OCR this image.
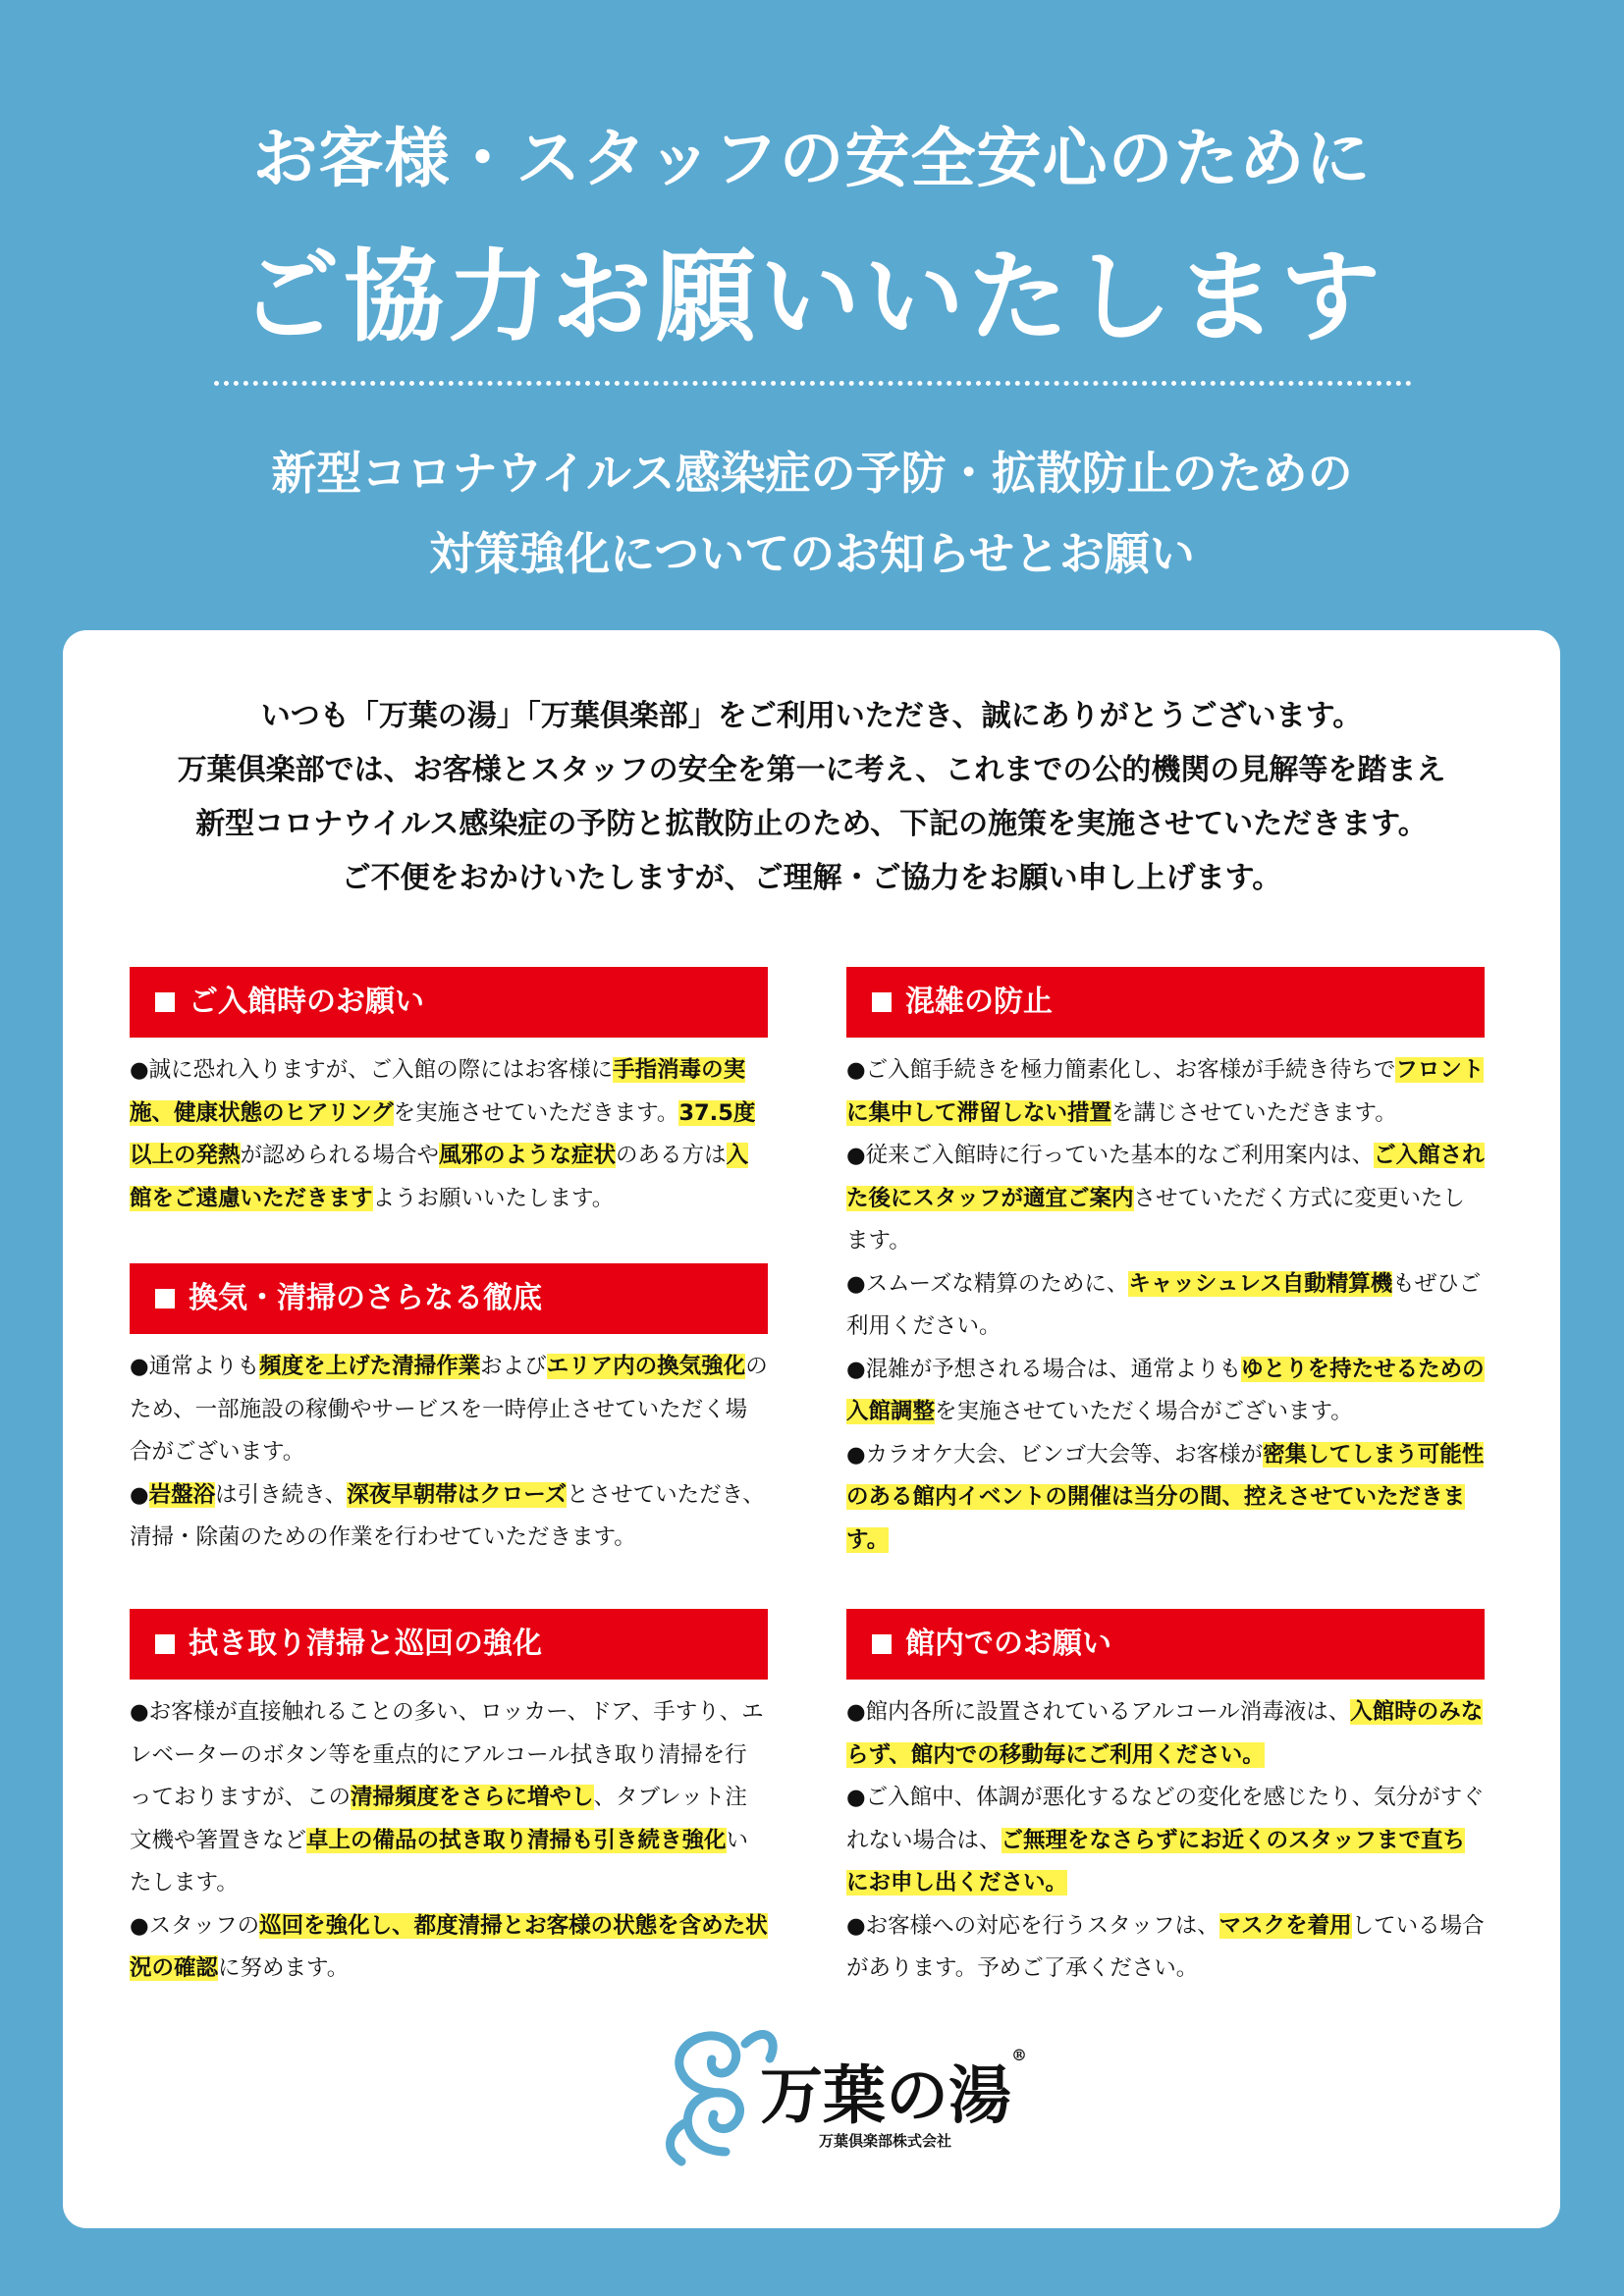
お客様・スタッフの安全安心のために
ご協力お願いいたします
新型コロナウイルス感染症の予防・拡散防止のための
対策強化についてのお知らせとお願い
いつも「万葉の湯」「万葉倶楽部」をご利用いただき、誠にありがとうございます。
万葉倶楽部では、お客様とスタッフの安全を第一に考え、これまでの公的機関の見解等を踏まえ
新型コロナウイルス感染症の予防と拡散防止のため、下記の施策を実施させていただきます。
ご不便をおかけいたしますが、ご理解・ご協力をお願い申し上げます。
ご入館時のお願い

●誠に恐れ入りますが、ご入館の際にはお客様に手指消毒の実施、健康状態のヒアリングを実施させていただきます。37.5度以上の発熱が認められる場合や風邪のような症状のある方は入館をご遠慮いただきますようお願いいたします。

換気・清掃のさらなる徹底

●通常よりも頻度を上げた清掃作業およびエリア内の換気強化のため、一部施設の稼働やサービスを一時停止させていただく場合がございます。

●岩盤浴は引き続き、深夜早朝帯はクローズとさせていただき、清掃・除菌のための作業を行わせていただきます。

拭き取り清掃と巡回の強化

●お客様が直接触れることの多い、ロッカー、ドア、手すり、エレベーターのボタン等を重点的にアルコール拭き取り清掃を行っておりますが、この清掃頻度をさらに増やし、タブレット注文機や箸置きなど卓上の備品の拭き取り清掃も引き続き強化いたします。

●スタッフの巡回を強化し、都度清掃とお客様の状態を含めた状況の確認に努めます。

混雑の防止

●ご入館手続きを極力簡素化し、お客様が手続き待ちでフロントに集中して滞留しない措置を講じさせていただきます。

●従来ご入館時に行っていた基本的なご利用案内は、ご入館された後にスタッフが適宜ご案内させていただく方式に変更いたします。

●スムーズな精算のために、キャッシュレス自動精算機もぜひご利用ください。

●混雑が予想される場合は、通常よりもゆとりを持たせるための入館調整を実施させていただく場合がございます。

●カラオケ大会、ビンゴ大会等、お客様が密集してしまう可能性のある館内イベントの開催は当分の間、控えさせていただきます。

館内でのお願い

●館内各所に設置されているアルコール消毒液は、入館時のみならず、館内での移動毎にご利用ください。

●ご入館中、体調が悪化するなどの変化を感じたり、気分がすぐれない場合は、ご無理をなさらずにお近くのスタッフまで直ちにお申し出ください。

●お客様への対応を行うスタッフは、マスクを着用している場合があります。予めご了承ください。

万葉の湯®
万葉倶楽部株式会社
